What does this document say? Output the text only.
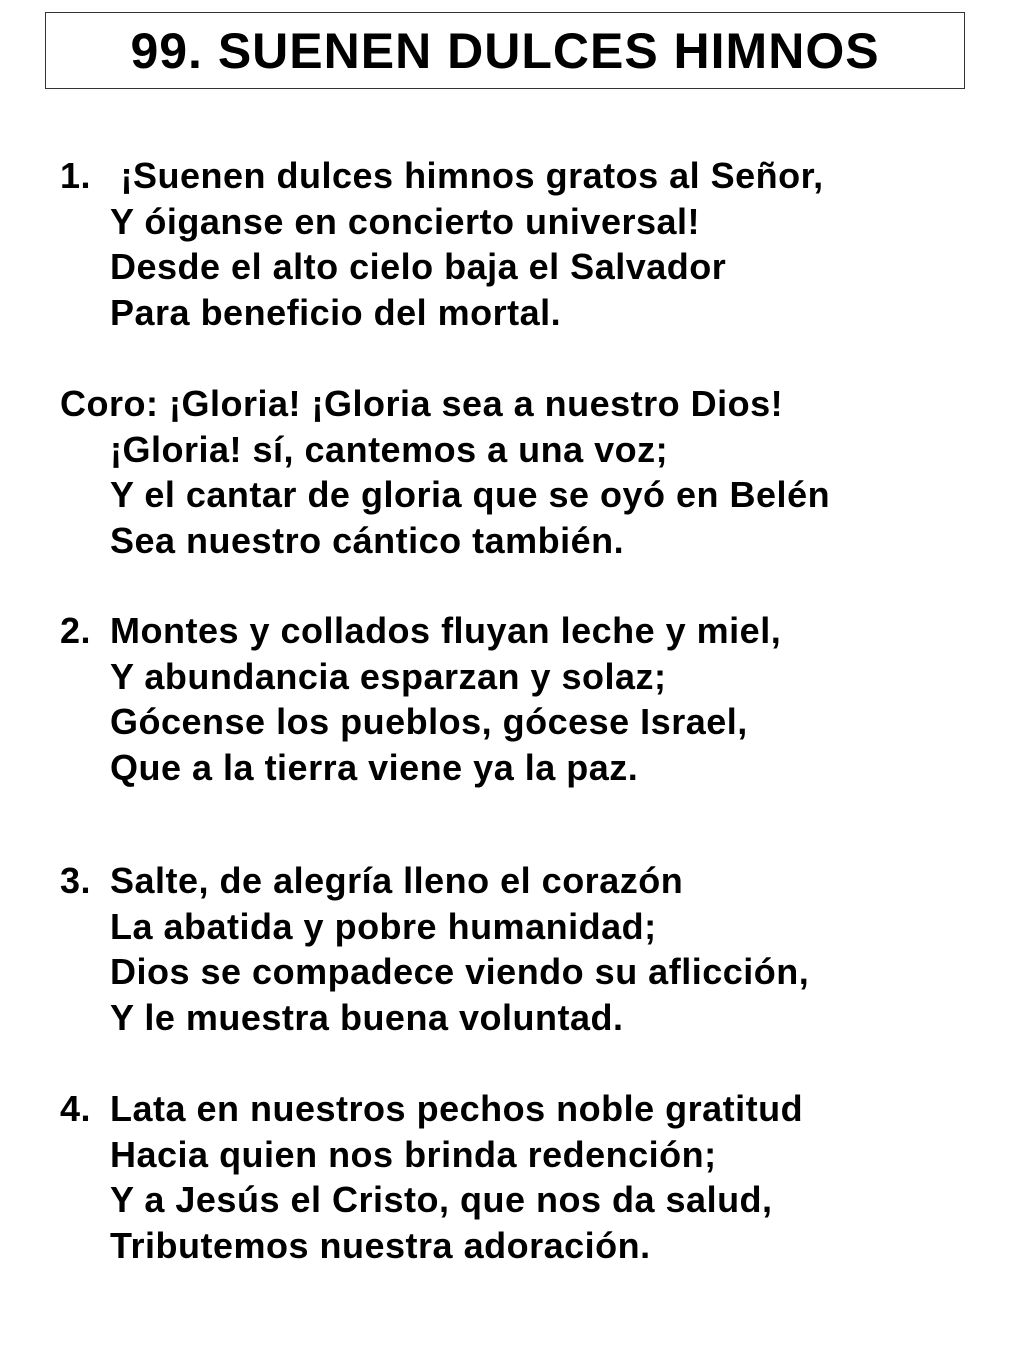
99. SUENEN DULCES HIMNOS
1. ¡Suenen dulces himnos gratos al Señor,
Y óiganse en concierto universal!
Desde el alto cielo baja el Salvador
Para beneficio del mortal.
Coro: ¡Gloria! ¡Gloria sea a nuestro Dios!
¡Gloria! sí, cantemos a una voz;
Y el cantar de gloria que se oyó en Belén
Sea nuestro cántico también.
2. Montes y collados fluyan leche y miel,
Y abundancia esparzan y solaz;
Gócense los pueblos, gócese Israel,
Que a la tierra viene ya la paz.
3. Salte, de alegría lleno el corazón
La abatida y pobre humanidad;
Dios se compadece viendo su aflicción,
Y le muestra buena voluntad.
4. Lata en nuestros pechos noble gratitud
Hacia quien nos brinda redención;
Y a Jesús el Cristo, que nos da salud,
Tributemos nuestra adoración.
